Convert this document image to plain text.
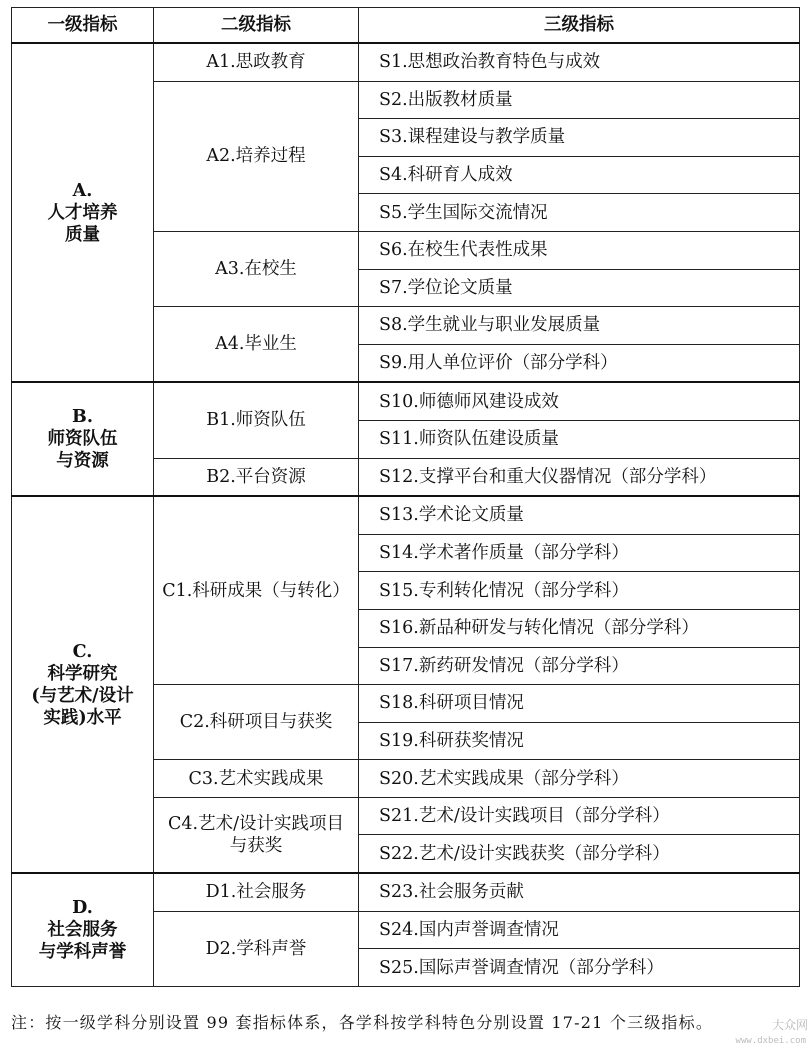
一级指标	二级指标	三级指标

A.
人才培养
质量	A1.思政教育	S1.思想政治教育特色与成效
	A2.培养过程	S2.出版教材质量
		S3.课程建设与教学质量
		S4.科研育人成效
		S5.学生国际交流情况
	A3.在校生	S6.在校生代表性成果
		S7.学位论文质量
	A4.毕业生	S8.学生就业与职业发展质量
		S9.用人单位评价（部分学科）

B.
师资队伍
与资源	B1.师资队伍	S10.师德师风建设成效
		S11.师资队伍建设质量
	B2.平台资源	S12.支撑平台和重大仪器情况（部分学科）

C.
科学研究
(与艺术/设计
实践)水平	C1.科研成果（与转化）	S13.学术论文质量
		S14.学术著作质量（部分学科）
		S15.专利转化情况（部分学科）
		S16.新品种研发与转化情况（部分学科）
		S17.新药研发情况（部分学科）
	C2.科研项目与获奖	S18.科研项目情况
		S19.科研获奖情况
	C3.艺术实践成果	S20.艺术实践成果（部分学科）
	C4.艺术/设计实践项目与获奖	S21.艺术/设计实践项目（部分学科）
		S22.艺术/设计实践获奖（部分学科）

D.
社会服务
与学科声誉	D1.社会服务	S23.社会服务贡献
	D2.学科声誉	S24.国内声誉调查情况
		S25.国际声誉调查情况（部分学科）
注：按一级学科分别设置 99 套指标体系，各学科按学科特色分别设置 17-21 个三级指标。	大众网
www.dxbei.com
